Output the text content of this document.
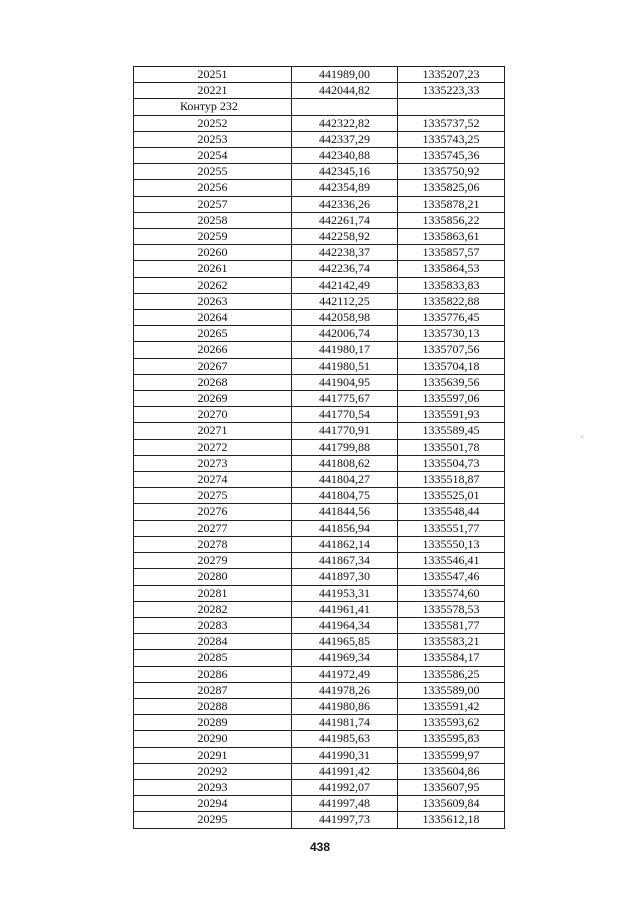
20251	441989,00	1335207,23
20221	442044,82	1335223,33
Контур 232		
20252	442322,82	1335737,52
20253	442337,29	1335743,25
20254	442340,88	1335745,36
20255	442345,16	1335750,92
20256	442354,89	1335825,06
20257	442336,26	1335878,21
20258	442261,74	1335856,22
20259	442258,92	1335863,61
20260	442238,37	1335857,57
20261	442236,74	1335864,53
20262	442142,49	1335833,83
20263	442112,25	1335822,88
20264	442058,98	1335776,45
20265	442006,74	1335730,13
20266	441980,17	1335707,56
20267	441980,51	1335704,18
20268	441904,95	1335639,56
20269	441775,67	1335597,06
20270	441770,54	1335591,93
20271	441770,91	1335589,45
20272	441799,88	1335501,78
20273	441808,62	1335504,73
20274	441804,27	1335518,87
20275	441804,75	1335525,01
20276	441844,56	1335548,44
20277	441856,94	1335551,77
20278	441862,14	1335550,13
20279	441867,34	1335546,41
20280	441897,30	1335547,46
20281	441953,31	1335574,60
20282	441961,41	1335578,53
20283	441964,34	1335581,77
20284	441965,85	1335583,21
20285	441969,34	1335584,17
20286	441972,49	1335586,25
20287	441978,26	1335589,00
20288	441980,86	1335591,42
20289	441981,74	1335593,62
20290	441985,63	1335595,83
20291	441990,31	1335599,97
20292	441991,42	1335604,86
20293	441992,07	1335607,95
20294	441997,48	1335609,84
20295	441997,73	1335612,18
438
